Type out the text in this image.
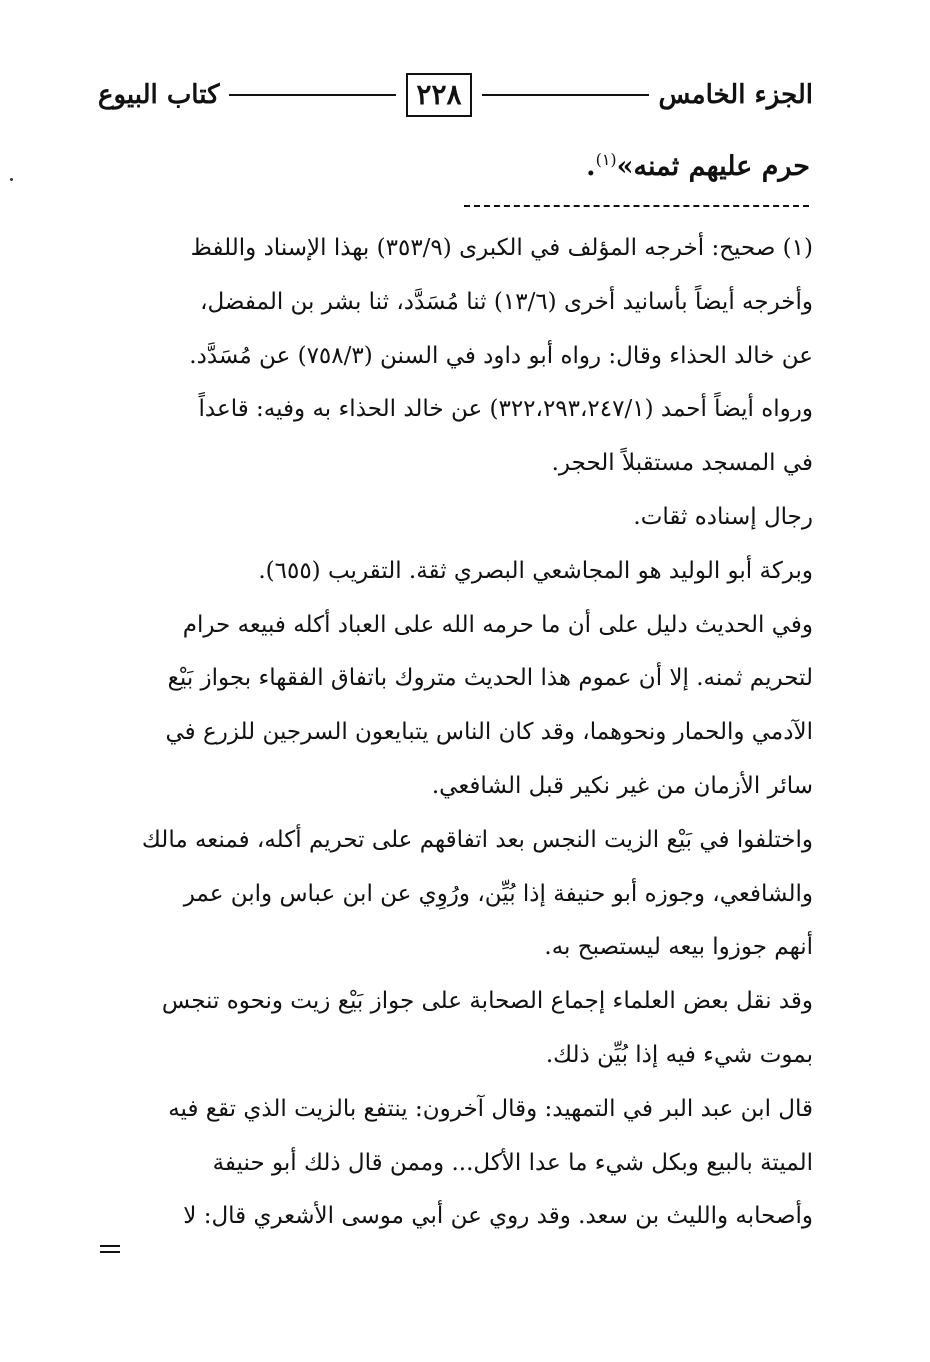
الجزء الخامس
٢٢٨
كتاب البيوع
حرم عليهم ثمنه»$^{(١)}$.

(١) صحيح: أخرجه المؤلف في الكبرى (٣٥٣/٩) بهذا الإسناد واللفظ

وأخرجه أيضاً بأسانيد أخرى (١٣/٦) ثنا مُسَدَّد، ثنا بشر بن المفضل،

عن خالد الحذاء وقال: رواه أبو داود في السنن (٧٥٨/٣) عن مُسَدَّد.

ورواه أيضاً أحمد (٣٢٢،٢٩٣،٢٤٧/١) عن خالد الحذاء به وفيه: قاعداً

في المسجد مستقبلاً الحجر.

رجال إسناده ثقات.

وبركة أبو الوليد هو المجاشعي البصري ثقة. التقريب (٦٥٥).

وفي الحديث دليل على أن ما حرمه الله على العباد أكله فبيعه حرام

لتحريم ثمنه. إلا أن عموم هذا الحديث متروك باتفاق الفقهاء بجواز بَيْع

الآدمي والحمار ونحوهما، وقد كان الناس يتبايعون السرجين للزرع في

سائر الأزمان من غير نكير قبل الشافعي.

واختلفوا في بَيْع الزيت النجس بعد اتفاقهم على تحريم أكله، فمنعه مالك

والشافعي، وجوزه أبو حنيفة إذا بُيِّن، ورُوِي عن ابن عباس وابن عمر

أنهم جوزوا بيعه ليستصبح به.

وقد نقل بعض العلماء إجماع الصحابة على جواز بَيْع زيت ونحوه تنجس

بموت شيء فيه إذا بُيِّن ذلك.

قال ابن عبد البر في التمهيد: وقال آخرون: ينتفع بالزيت الذي تقع فيه

الميتة بالبيع وبكل شيء ما عدا الأكل... وممن قال ذلك أبو حنيفة

وأصحابه والليث بن سعد. وقد روي عن أبي موسى الأشعري قال: لا
